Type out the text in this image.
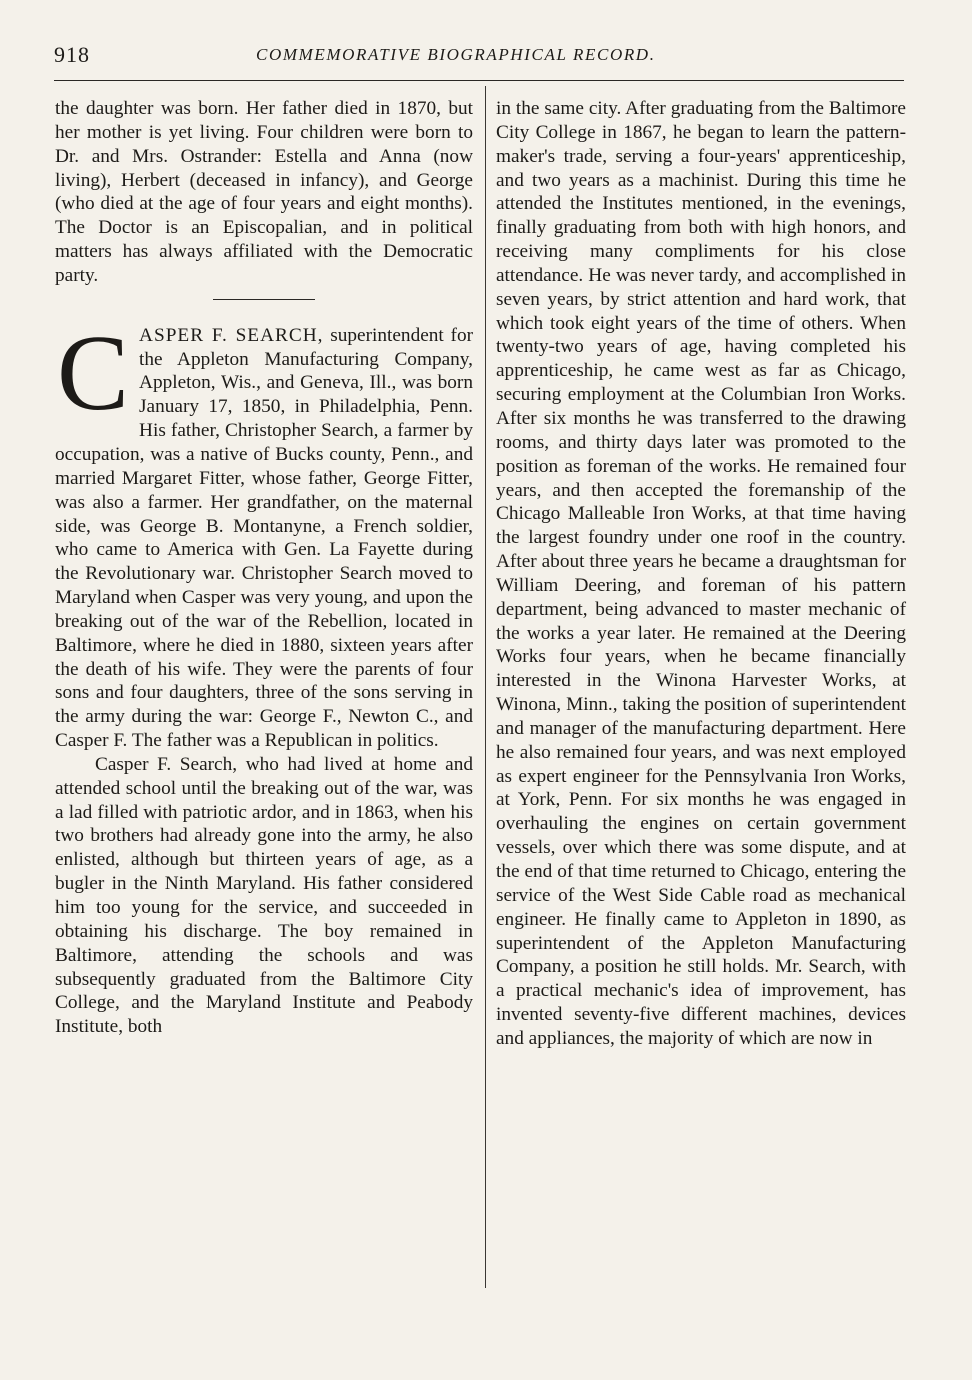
918	COMMEMORATIVE BIOGRAPHICAL RECORD.

the daughter was born. Her father died in 1870, but her mother is yet living. Four children were born to Dr. and Mrs. Ostrander: Estella and Anna (now living), Herbert (deceased in infancy), and George (who died at the age of four years and eight months). The Doctor is an Episcopalian, and in political matters has always affiliated with the Democratic party.

CASPER F. SEARCH, superintendent for the Appleton Manufacturing Company, Appleton, Wis., and Geneva, Ill., was born January 17, 1850, in Philadelphia, Penn. His father, Christopher Search, a farmer by occupation, was a native of Bucks county, Penn., and married Margaret Fitter, whose father, George Fitter, was also a farmer. Her grandfather, on the maternal side, was George B. Montanyne, a French soldier, who came to America with Gen. La Fayette during the Revolutionary war. Christopher Search moved to Maryland when Casper was very young, and upon the breaking out of the war of the Rebellion, located in Baltimore, where he died in 1880, sixteen years after the death of his wife. They were the parents of four sons and four daughters, three of the sons serving in the army during the war: George F., Newton C., and Casper F. The father was a Republican in politics.

Casper F. Search, who had lived at home and attended school until the breaking out of the war, was a lad filled with patriotic ardor, and in 1863, when his two brothers had already gone into the army, he also enlisted, although but thirteen years of age, as a bugler in the Ninth Maryland. His father considered him too young for the service, and succeeded in obtaining his discharge. The boy remained in Baltimore, attending the schools and was subsequently graduated from the Baltimore City College, and the Maryland Institute and Peabody Institute, both

in the same city. After graduating from the Baltimore City College in 1867, he began to learn the pattern-maker's trade, serving a four-years' apprenticeship, and two years as a machinist. During this time he attended the Institutes mentioned, in the evenings, finally graduating from both with high honors, and receiving many compliments for his close attendance. He was never tardy, and accomplished in seven years, by strict attention and hard work, that which took eight years of the time of others. When twenty-two years of age, having completed his apprenticeship, he came west as far as Chicago, securing employment at the Columbian Iron Works. After six months he was transferred to the drawing rooms, and thirty days later was promoted to the position as foreman of the works. He remained four years, and then accepted the foremanship of the Chicago Malleable Iron Works, at that time having the largest foundry under one roof in the country. After about three years he became a draughtsman for William Deering, and foreman of his pattern department, being advanced to master mechanic of the works a year later. He remained at the Deering Works four years, when he became financially interested in the Winona Harvester Works, at Winona, Minn., taking the position of superintendent and manager of the manufacturing department. Here he also remained four years, and was next employed as expert engineer for the Pennsylvania Iron Works, at York, Penn. For six months he was engaged in overhauling the engines on certain government vessels, over which there was some dispute, and at the end of that time returned to Chicago, entering the service of the West Side Cable road as mechanical engineer. He finally came to Appleton in 1890, as superintendent of the Appleton Manufacturing Company, a position he still holds. Mr. Search, with a practical mechanic's idea of improvement, has invented seventy-five different machines, devices and appliances, the majority of which are now in
